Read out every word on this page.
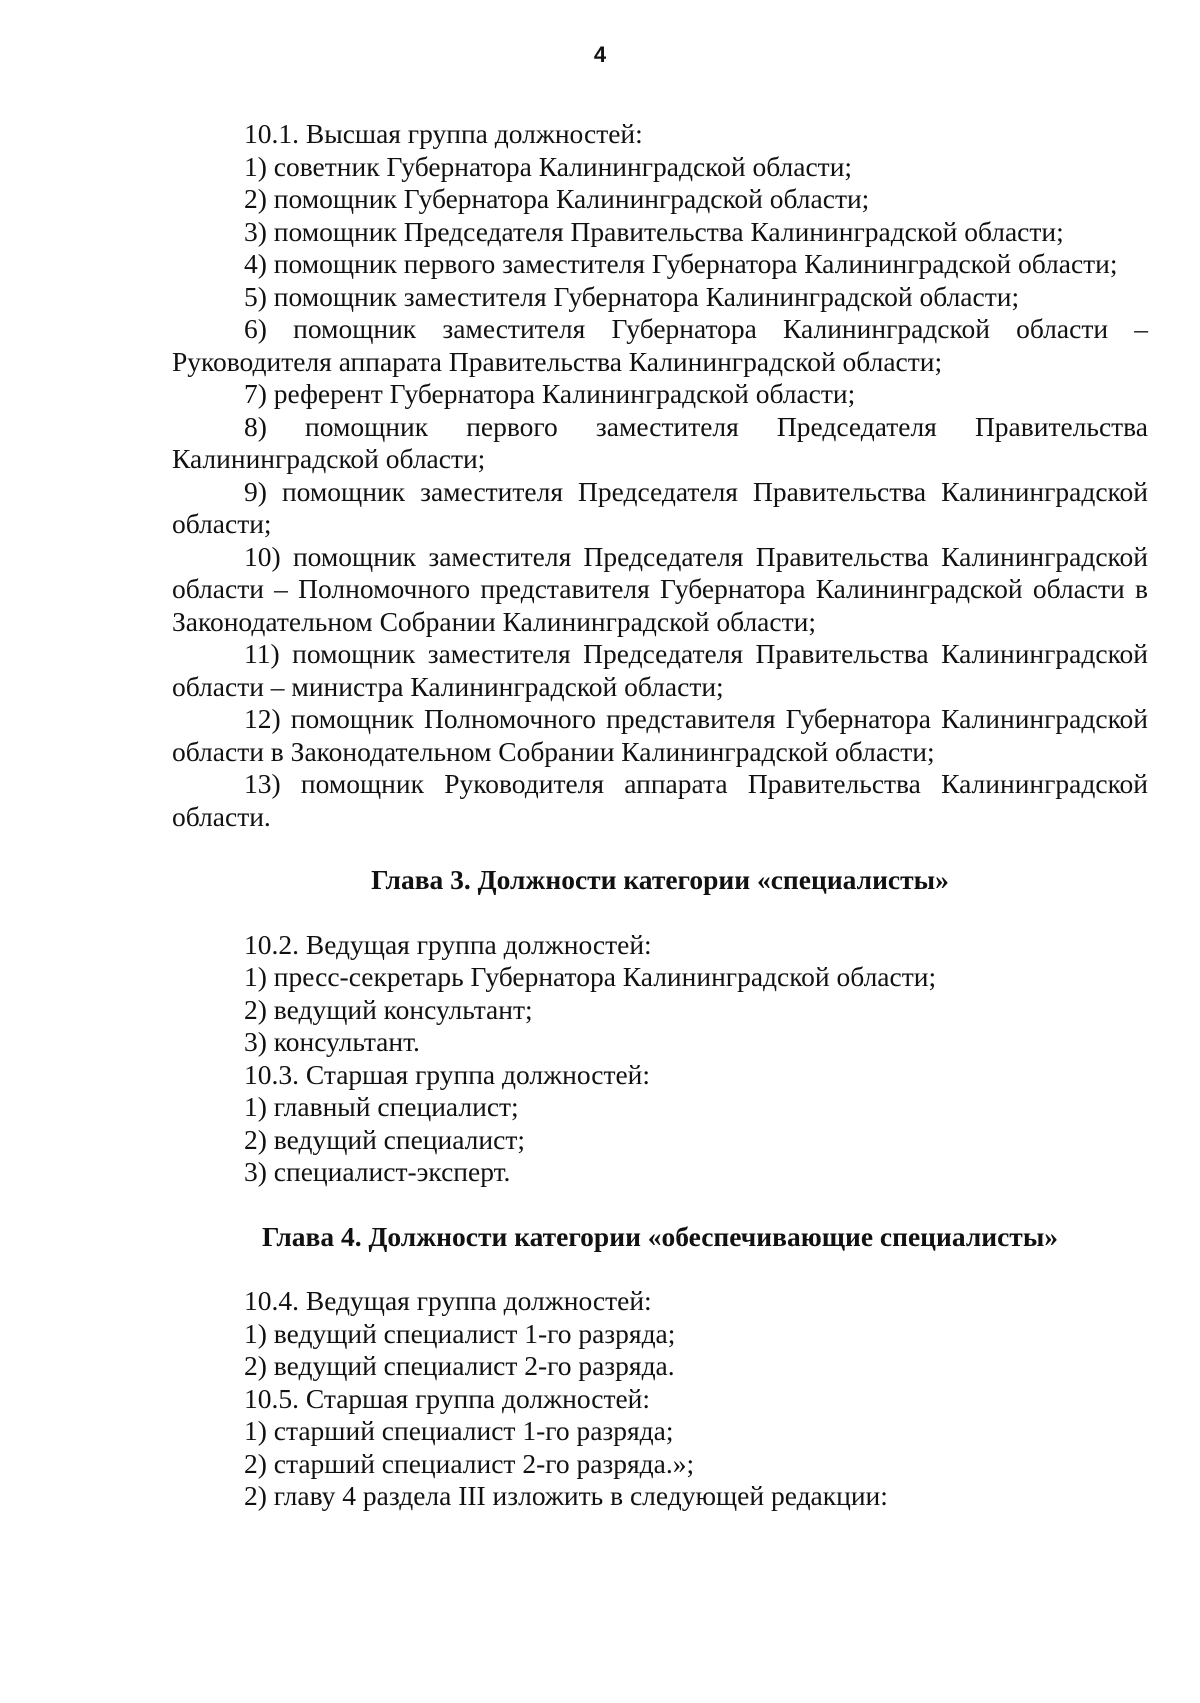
4

10.1. Высшая группа должностей:

1) советник Губернатора Калининградской области;

2) помощник Губернатора Калининградской области;

3) помощник Председателя Правительства Калининградской области;

4) помощник первого заместителя Губернатора Калининградской области;

5) помощник заместителя Губернатора Калининградской области;

6) помощник заместителя Губернатора Калининградской области – Руководителя аппарата Правительства Калининградской области;

7) референт Губернатора Калининградской области;

8) помощник первого заместителя Председателя Правительства Калининградской области;

9) помощник заместителя Председателя Правительства Калининградской области;

10) помощник заместителя Председателя Правительства Калининградской области – Полномочного представителя Губернатора Калининградской области в Законодательном Собрании Калининградской области;

11) помощник заместителя Председателя Правительства Калининградской области – министра Калининградской области;

12) помощник Полномочного представителя Губернатора Калининградской области в Законодательном Собрании Калининградской области;

13) помощник Руководителя аппарата Правительства Калининградской области.

Глава 3. Должности категории «специалисты»

10.2. Ведущая группа должностей:

1) пресс-секретарь Губернатора Калининградской области;

2) ведущий консультант;

3) консультант.

10.3. Старшая группа должностей:

1) главный специалист;

2) ведущий специалист;

3) специалист-эксперт.

Глава 4. Должности категории «обеспечивающие специалисты»

10.4. Ведущая группа должностей:

1) ведущий специалист 1-го разряда;

2) ведущий специалист 2-го разряда.

10.5. Старшая группа должностей:

1) старший специалист 1-го разряда;

2) старший специалист 2-го разряда.»;

2) главу 4 раздела III изложить в следующей редакции:
